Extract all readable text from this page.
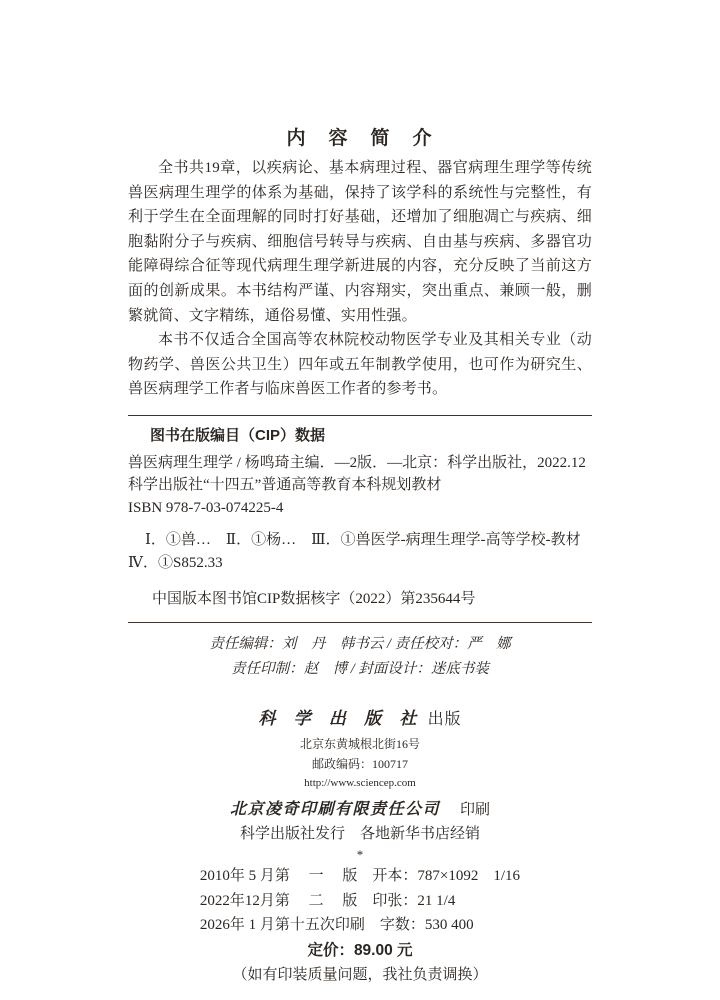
内　容　简　介

全书共19章，以疾病论、基本病理过程、器官病理生理学等传统兽医病理生理学的体系为基础，保持了该学科的系统性与完整性，有利于学生在全面理解的同时打好基础，还增加了细胞凋亡与疾病、细胞黏附分子与疾病、细胞信号转导与疾病、自由基与疾病、多器官功能障碍综合征等现代病理生理学新进展的内容，充分反映了当前这方面的创新成果。本书结构严谨、内容翔实，突出重点、兼顾一般，删繁就简、文字精练，通俗易懂、实用性强。

本书不仅适合全国高等农林院校动物医学专业及其相关专业（动物药学、兽医公共卫生）四年或五年制教学使用，也可作为研究生、兽医病理学工作者与临床兽医工作者的参考书。

图书在版编目（CIP）数据
兽医病理生理学 / 杨鸣琦主编．—2版．—北京：科学出版社，2022.12
科学出版社“十四五”普通高等教育本科规划教材
ISBN 978-7-03-074225-4
Ⅰ．①兽…　Ⅱ．①杨…　Ⅲ．①兽医学-病理生理学-高等学校-教材
Ⅳ．①S852.33
中国版本图书馆CIP数据核字（2022）第235644号
责任编辑：刘　丹　韩书云 / 责任校对：严　娜
责任印制：赵　博 / 封面设计：迷底书装
科 学 出 版 社 出版
北京东黄城根北街16号
邮政编码：100717
http://www.sciencep.com
北京凌奇印刷有限责任公司 印刷
科学出版社发行　各地新华书店经销
*
2010年 5 月第　 一 　版　开本：787×1092　1/16
2022年12月第　 二 　版　印张：21 1/4
2026年 1 月第十五次印刷　字数：530 400
定价：89.00 元
（如有印装质量问题，我社负责调换）
